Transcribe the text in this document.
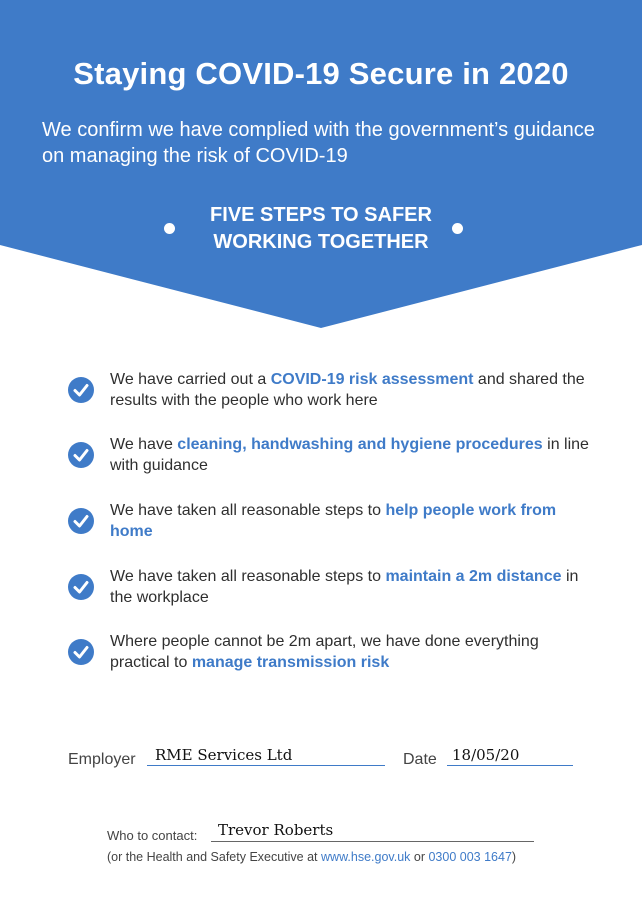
Staying COVID-19 Secure in 2020
We confirm we have complied with the government’s guidance on managing the risk of COVID-19
FIVE STEPS TO SAFER WORKING TOGETHER
We have carried out a COVID-19 risk assessment and shared the results with the people who work here
We have cleaning, handwashing and hygiene procedures in line with guidance
We have taken all reasonable steps to help people work from home
We have taken all reasonable steps to maintain a 2m distance in the workplace
Where people cannot be 2m apart, we have done everything practical to manage transmission risk
Employer RME Services Ltd	Date 18/05/20
Who to contact: Trevor Roberts
(or the Health and Safety Executive at www.hse.gov.uk or 0300 003 1647)
